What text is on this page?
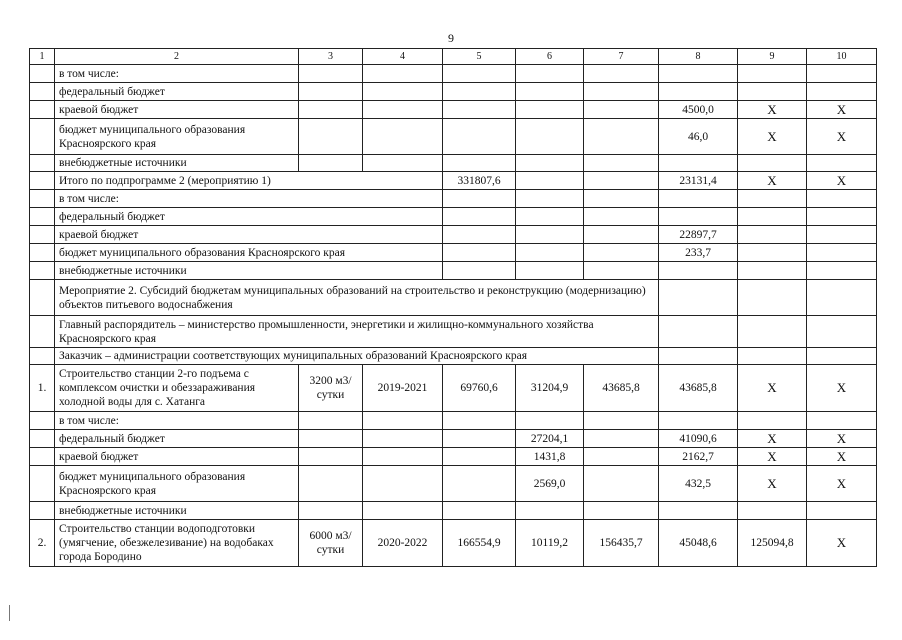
9
1	2	3	4	5	6	7	8	9	10
	в том числе:								
	федеральный бюджет								
	краевой бюджет						4500,0	Х	Х
	бюджет муниципального образования Красноярского края						46,0	Х	Х
	внебюджетные источники								
	Итого по подпрограмме 2 (мероприятию 1)			331807,6			23131,4	Х	Х
	в том числе:								
	федеральный бюджет								
	краевой бюджет						22897,7		
	бюджет муниципального образования Красноярского края						233,7		
	внебюджетные источники								
	Мероприятие 2. Субсидий бюджетам муниципальных образований на строительство и реконструкцию (модернизацию) объектов питьевого водоснабжения								
	Главный распорядитель – министерство промышленности, энергетики и жилищно-коммунального хозяйства Красноярского края								
	Заказчик – администрации соответствующих муниципальных образований Красноярского края								
1.	Строительство станции 2-го подъема с комплексом очистки и обеззараживания холодной воды для с. Хатанга	3200 м3/сутки	2019-2021	69760,6	31204,9	43685,8	43685,8	Х	Х
	в том числе:								
	федеральный бюджет				27204,1		41090,6	Х	Х
	краевой бюджет				1431,8		2162,7	Х	Х
	бюджет муниципального образования Красноярского края				2569,0		432,5	Х	Х
	внебюджетные источники								
2.	Строительство станции водоподготовки (умягчение, обезжелезивание) на водобаках города Бородино	6000 м3/сутки	2020-2022	166554,9	10119,2	156435,7	45048,6	125094,8	Х
